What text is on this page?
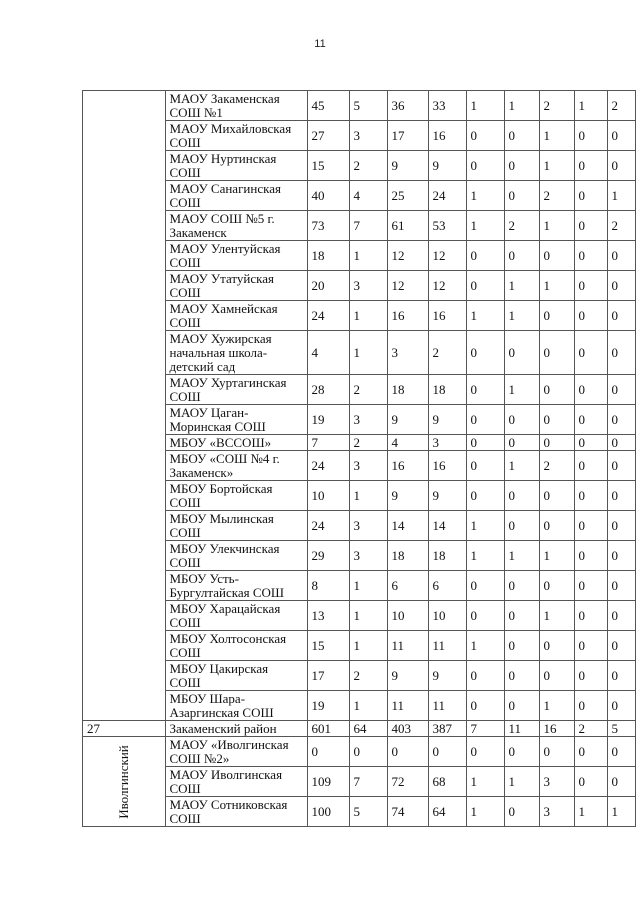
11
	МАОУ Закаменская СОШ №1	45	5	36	33	1	1	2	1	2
	МАОУ Михайловская СОШ	27	3	17	16	0	0	1	0	0
	МАОУ Нуртинская СОШ	15	2	9	9	0	0	1	0	0
	МАОУ Санагинская СОШ	40	4	25	24	1	0	2	0	1
	МАОУ СОШ №5 г. Закаменск	73	7	61	53	1	2	1	0	2
	МАОУ Улентуйская СОШ	18	1	12	12	0	0	0	0	0
	МАОУ Утатуйская СОШ	20	3	12	12	0	1	1	0	0
	МАОУ Хамнейская СОШ	24	1	16	16	1	1	0	0	0
	МАОУ Хужирская начальная школа-детский сад	4	1	3	2	0	0	0	0	0
	МАОУ Хуртагинская СОШ	28	2	18	18	0	1	0	0	0
	МАОУ Цаган-Моринская СОШ	19	3	9	9	0	0	0	0	0
	МБОУ «ВССОШ»	7	2	4	3	0	0	0	0	0
	МБОУ «СОШ №4 г. Закаменск»	24	3	16	16	0	1	2	0	0
	МБОУ Бортойская СОШ	10	1	9	9	0	0	0	0	0
	МБОУ Мылинская СОШ	24	3	14	14	1	0	0	0	0
	МБОУ Улекчинская СОШ	29	3	18	18	1	1	1	0	0
	МБОУ Усть-Бургултайская СОШ	8	1	6	6	0	0	0	0	0
	МБОУ Харацайская СОШ	13	1	10	10	0	0	1	0	0
	МБОУ Холтосонская СОШ	15	1	11	11	1	0	0	0	0
	МБОУ Цакирская СОШ	17	2	9	9	0	0	0	0	0
	МБОУ Шара-Азаргинская СОШ	19	1	11	11	0	0	1	0	0
27	Закаменский район	601	64	403	387	7	11	16	2	5
Иволгинский	МАОУ «Иволгинская СОШ №2»	0	0	0	0	0	0	0	0	0
	МАОУ Иволгинская СОШ	109	7	72	68	1	1	3	0	0
	МАОУ Сотниковская СОШ	100	5	74	64	1	0	3	1	1
